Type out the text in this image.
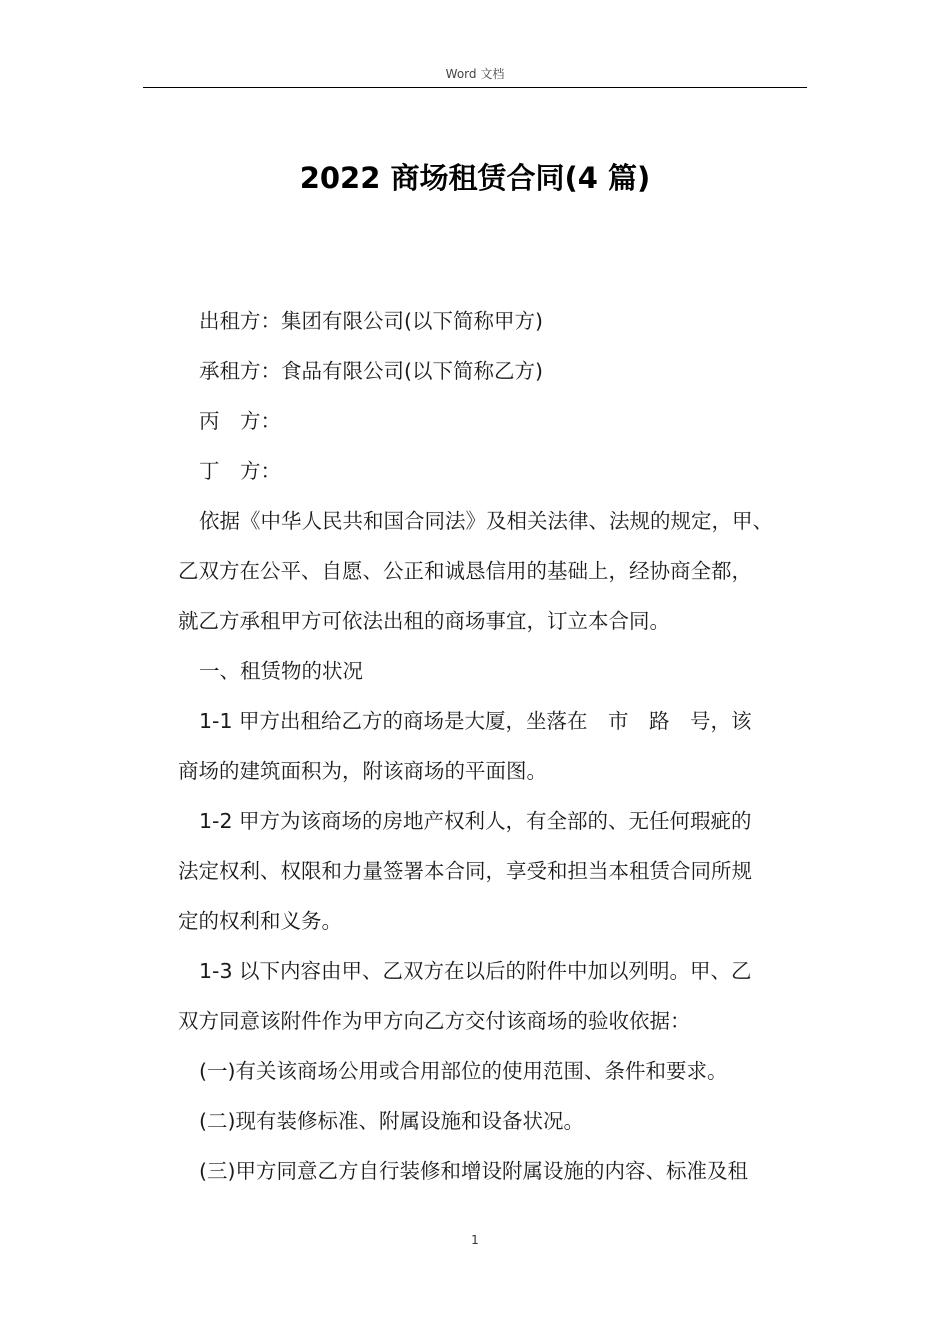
Word 文档
2022 商场租赁合同(4 篇)

出租方：集团有限公司(以下简称甲方)

承租方：食品有限公司(以下简称乙方)

丙　方：

丁　方：

依据《中华人民共和国合同法》及相关法律、法规的规定，甲、

乙双方在公平、自愿、公正和诚恳信用的基础上，经协商全都，

就乙方承租甲方可依法出租的商场事宜，订立本合同。

一、租赁物的状况

1-1 甲方出租给乙方的商场是大厦，坐落在　市　路　号，该

商场的建筑面积为，附该商场的平面图。

1-2 甲方为该商场的房地产权利人，有全部的、无任何瑕疵的

法定权利、权限和力量签署本合同，享受和担当本租赁合同所规

定的权利和义务。

1-3 以下内容由甲、乙双方在以后的附件中加以列明。甲、乙

双方同意该附件作为甲方向乙方交付该商场的验收依据：

(一)有关该商场公用或合用部位的使用范围、条件和要求。

(二)现有装修标准、附属设施和设备状况。

(三)甲方同意乙方自行装修和增设附属设施的内容、标准及租

1
